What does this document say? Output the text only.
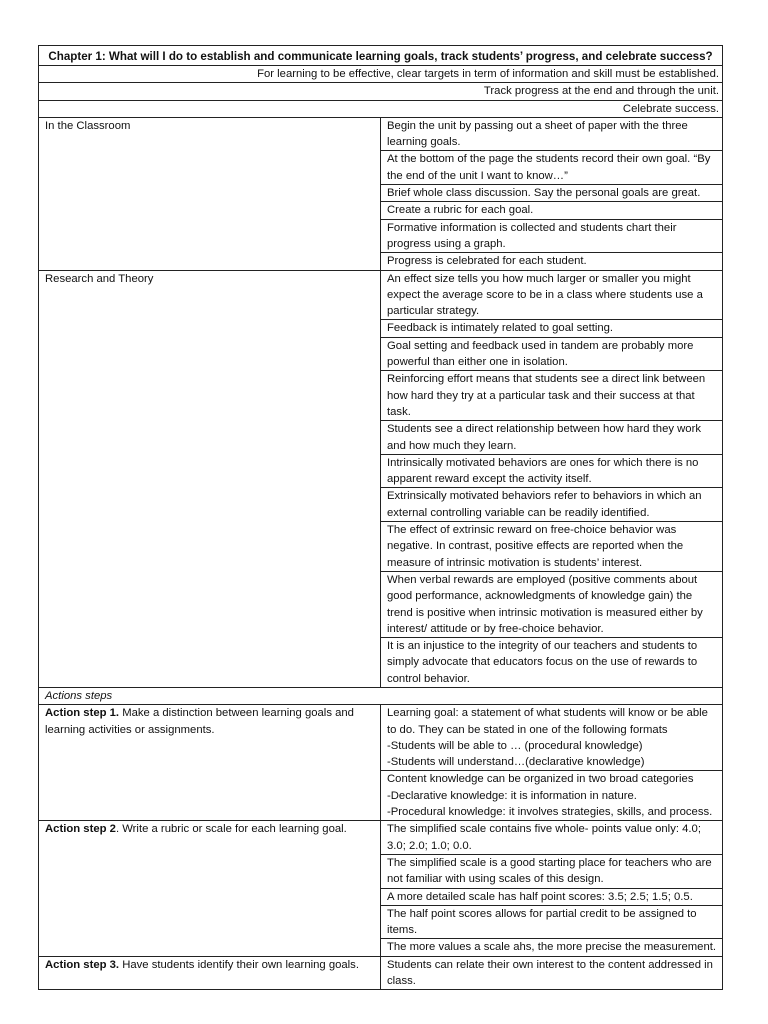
Chapter 1: What will I do to establish and communicate learning goals, track students’ progress, and celebrate success?	
For learning to be effective, clear targets in term of information and skill must be established.	
Track progress at the end and through the unit.	
Celebrate success.	
In the Classroom	Begin the unit by passing out a sheet of paper with the three learning goals.
	At the bottom of the page the students record their own goal. “By the end of the unit I want to know…”
	Brief whole class discussion. Say the personal goals are great.
	Create a rubric for each goal.
	Formative information is collected and students chart their progress using a graph.
	Progress is celebrated for each student.
Research and Theory	An effect size tells you how much larger or smaller you might expect the average score to be in a class where students use a particular strategy.
	Feedback is intimately related to goal setting.
	Goal setting and feedback used in tandem are probably more powerful than either one in isolation.
	Reinforcing effort means that students see a direct link between how hard they try at a particular task and their success at that task.
	Students see a direct relationship between how hard they work and how much they learn.
	Intrinsically motivated behaviors are ones for which there is no apparent reward except the activity itself.
	Extrinsically motivated behaviors refer to behaviors in which an external controlling variable can be readily identified.
	The effect of extrinsic reward on free-choice behavior was negative. In contrast, positive effects are reported when the measure of intrinsic motivation is students’ interest.
	When verbal rewards are employed (positive comments about good performance, acknowledgments of knowledge gain) the trend is positive when intrinsic motivation is measured either by interest/ attitude or by free-choice behavior.
	It is an injustice to the integrity of our teachers and students to simply advocate that educators focus on the use of rewards to control behavior.
Actions steps	
Action step 1. Make a distinction between learning goals and learning activities or assignments.	Learning goal: a statement of what students will know or be able to do. They can be stated in one of the following formats
-Students will be able to … (procedural knowledge)
-Students will understand…(declarative knowledge)
	Content knowledge can be organized in two broad categories
-Declarative knowledge: it is information in nature.
-Procedural knowledge: it involves strategies, skills, and process.
Action step 2. Write a rubric or scale for each learning goal.	The simplified scale contains five whole- points value only: 4.0; 3.0; 2.0; 1.0; 0.0.
	The simplified scale is a good starting place for teachers who are not familiar with using scales of this design.
	A more detailed scale has half point scores: 3.5; 2.5; 1.5; 0.5.
	The half point scores allows for partial credit to be assigned to items.
	The more values a scale ahs, the more precise the measurement.
Action step 3. Have students identify their own learning goals.	Students can relate their own interest to the content addressed in class.
